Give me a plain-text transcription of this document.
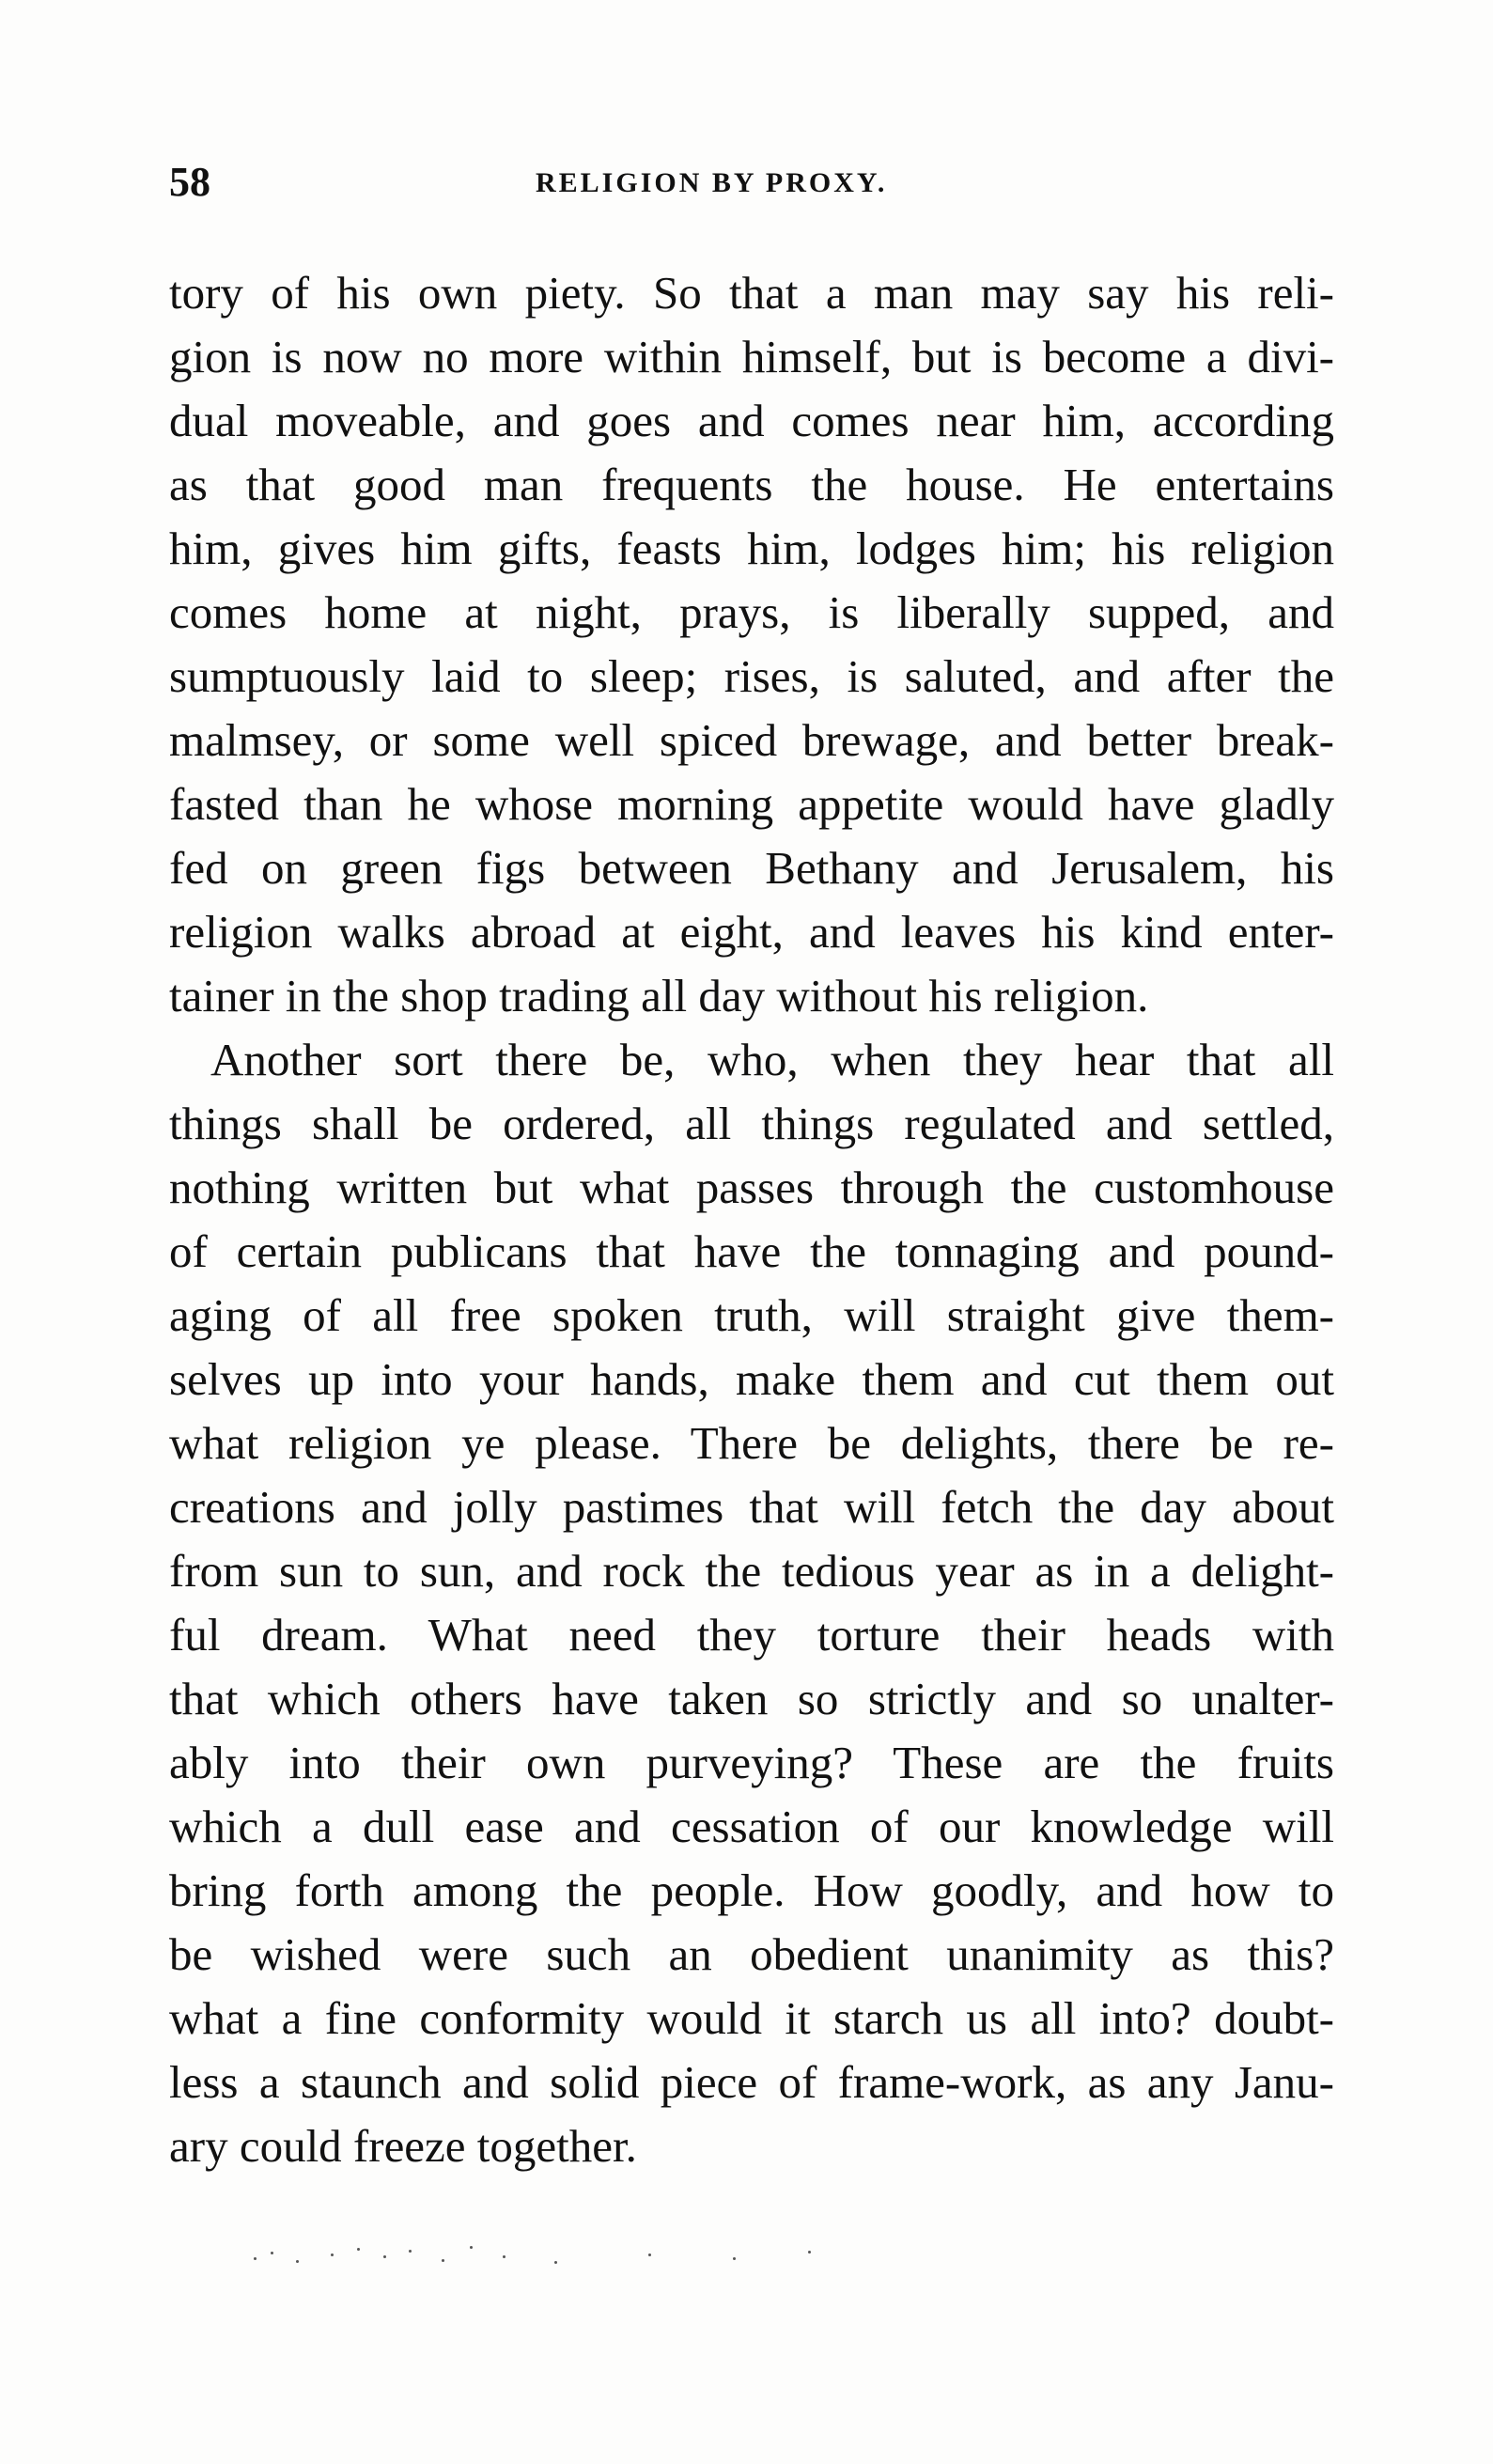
58	RELIGION BY PROXY.
tory of his own piety. So that a man may say his reli-
gion is now no more within himself, but is become a divi-
dual moveable, and goes and comes near him, according
as that good man frequents the house. He entertains
him, gives him gifts, feasts him, lodges him; his religion
comes home at night, prays, is liberally supped, and
sumptuously laid to sleep; rises, is saluted, and after the
malmsey, or some well spiced brewage, and better break-
fasted than he whose morning appetite would have gladly
fed on green figs between Bethany and Jerusalem, his
religion walks abroad at eight, and leaves his kind enter-
tainer in the shop trading all day without his religion.
Another sort there be, who, when they hear that all
things shall be ordered, all things regulated and settled,
nothing written but what passes through the customhouse
of certain publicans that have the tonnaging and pound-
aging of all free spoken truth, will straight give them-
selves up into your hands, make them and cut them out
what religion ye please. There be delights, there be re-
creations and jolly pastimes that will fetch the day about
from sun to sun, and rock the tedious year as in a delight-
ful dream. What need they torture their heads with
that which others have taken so strictly and so unalter-
ably into their own purveying? These are the fruits
which a dull ease and cessation of our knowledge will
bring forth among the people. How goodly, and how to
be wished were such an obedient unanimity as this?
what a fine conformity would it starch us all into? doubt-
less a staunch and solid piece of frame-work, as any Janu-
ary could freeze together.
